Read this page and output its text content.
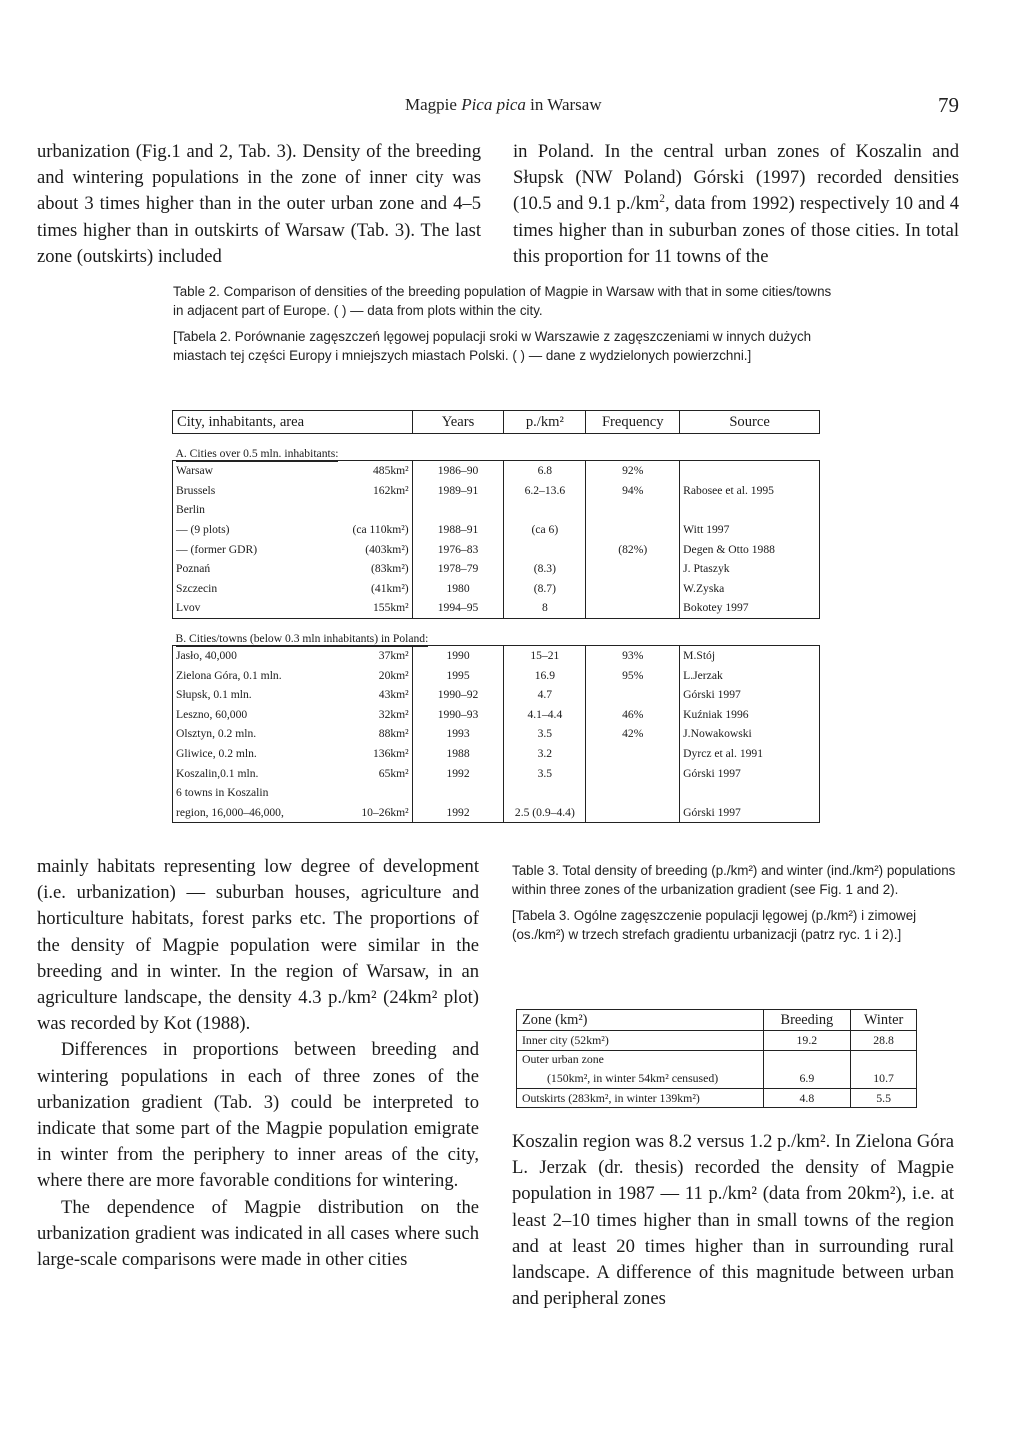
Magpie Pica pica in Warsaw	79

urbanization (Fig.1 and 2, Tab. 3). Density of the breeding and wintering populations in the zone of inner city was about 3 times higher than in the outer urban zone and 4–5 times higher than in outskirts of Warsaw (Tab. 3). The last zone (outskirts) included

in Poland. In the central urban zones of Koszalin and Słupsk (NW Poland) Górski (1997) recorded densities (10.5 and 9.1 $p./km^2$, data from 1992) respectively 10 and 4 times higher than in suburban zones of those cities. In total this proportion for 11 towns of the

Table 2. Comparison of densities of the breeding population of Magpie in Warsaw with that in some cities/towns in adjacent part of Europe. ( ) — data from plots within the city.

[Tabela 2. Porównanie zagęszczeń lęgowej populacji sroki w Warszawie z zagęszczeniami w innych dużych miastach tej części Europy i mniejszych miastach Polski. ( ) — dane z wydzielonych powierzchni.]

City, inhabitants, area		Years	p./km²	Frequency	Source

A. Cities over 0.5 mln. inhabitants:					
Warsaw	485km²	1986–90	6.8	92%	
Brussels	162km²	1989–91	6.2–13.6	94%	Rabosee et al. 1995
Berlin					
— (9 plots)	(ca 110km²)	1988–91	(ca 6)		Witt 1997
— (former GDR)	(403km²)	1976–83		(82%)	Degen & Otto 1988
Poznań	(83km²)	1978–79	(8.3)		J. Ptaszyk
Szczecin	(41km²)	1980	(8.7)		W.Zyska
Lvov	155km²	1994–95	8		Bokotey 1997

B. Cities/towns (below 0.3 mln inhabitants) in Poland:					
Jasło, 40,000	37km²	1990	15–21	93%	M.Stój
Zielona Góra, 0.1 mln.	20km²	1995	16.9	95%	L.Jerzak
Słupsk, 0.1 mln.	43km²	1990–92	4.7		Górski 1997
Leszno, 60,000	32km²	1990–93	4.1–4.4	46%	Kuźniak 1996
Olsztyn, 0.2 mln.	88km²	1993	3.5	42%	J.Nowakowski
Gliwice, 0.2 mln.	136km²	1988	3.2		Dyrcz et al. 1991
Koszalin,0.1 mln.	65km²	1992	3.5		Górski 1997
6 towns in Koszalin					
region, 16,000–46,000,	10–26km²	1992	2.5 (0.9–4.4)		Górski 1997

mainly habitats representing low degree of development (i.e. urbanization) — suburban houses, agriculture and horticulture habitats, forest parks etc. The proportions of the density of Magpie population were similar in the breeding and in winter. In the region of Warsaw, in an agriculture landscape, the density 4.3 p./km² (24km² plot) was recorded by Kot (1988).

Differences in proportions between breeding and wintering populations in each of three zones of the urbanization gradient (Tab. 3) could be interpreted to indicate that some part of the Magpie population emigrate in winter from the periphery to inner areas of the city, where there are more favorable conditions for wintering.

The dependence of Magpie distribution on the urbanization gradient was indicated in all cases where such large-scale comparisons were made in other cities

Table 3. Total density of breeding (p./km²) and winter (ind./km²) populations within three zones of the urbanization gradient (see Fig. 1 and 2).

[Tabela 3. Ogólne zagęszczenie populacji lęgowej (p./km²) i zimowej (os./km²) w trzech strefach gradientu urbanizacji (patrz ryc. 1 i 2).]

Zone (km²)	Breeding	Winter
Inner city (52km²)	19.2	28.8
Outer urban zone		
(150km², in winter 54km² censused)	6.9	10.7
Outskirts (283km², in winter 139km²)	4.8	5.5

Koszalin region was 8.2 versus 1.2 p./km². In Zielona Góra L. Jerzak (dr. thesis) recorded the density of Magpie population in 1987 — 11 p./km² (data from 20km²), i.e. at least 2–10 times higher than in small towns of the region and at least 20 times higher than in surrounding rural landscape. A difference of this magnitude between urban and peripheral zones
